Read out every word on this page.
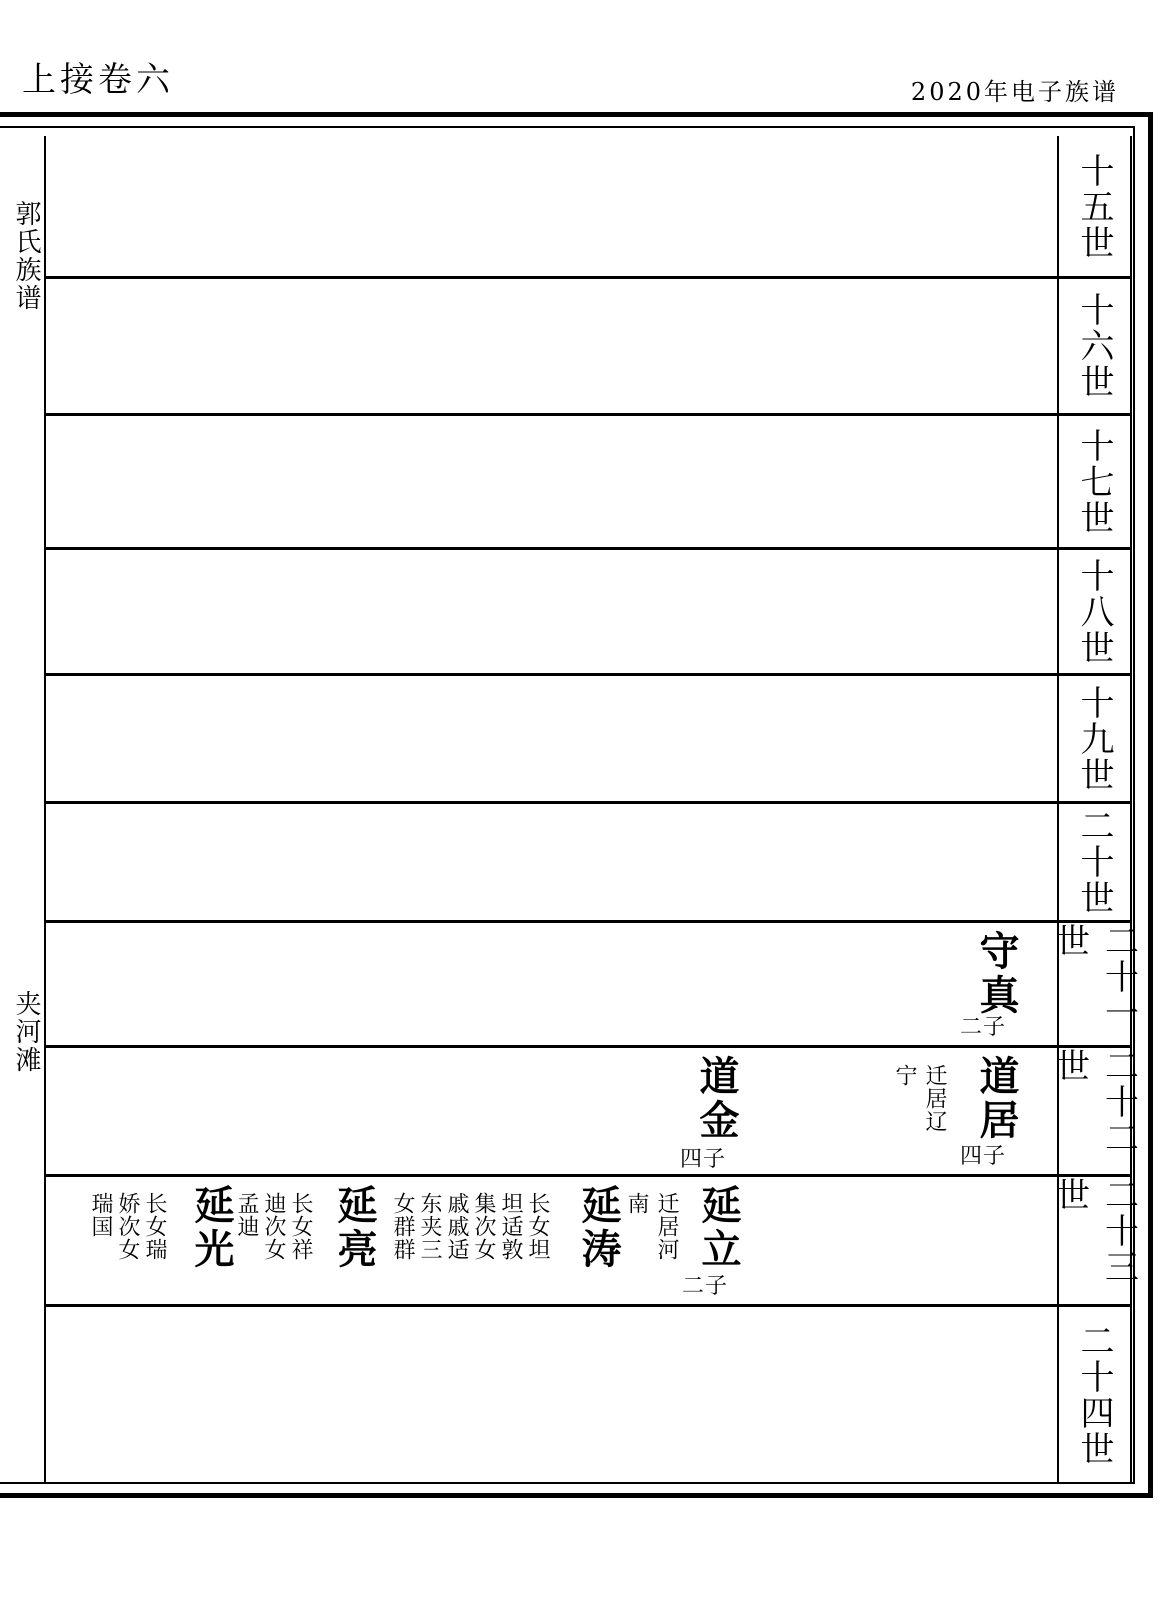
上接卷六	2020年电子族谱
郭氏族谱
夹河滩
十五世
十六世
十七世
十八世
十九世
二十世
二十一世
二十二世
二十三世
二十四世
守真
二子
道居
四子
迁居辽
宁
道金
四子
延立
二子
迁居河
南
延涛
长女坦
坦适敦
集次女
戚戚适
东夹三
女群群
延亮
长女祥
迪次女
孟迪
延光
长女瑞
娇次女
瑞国
